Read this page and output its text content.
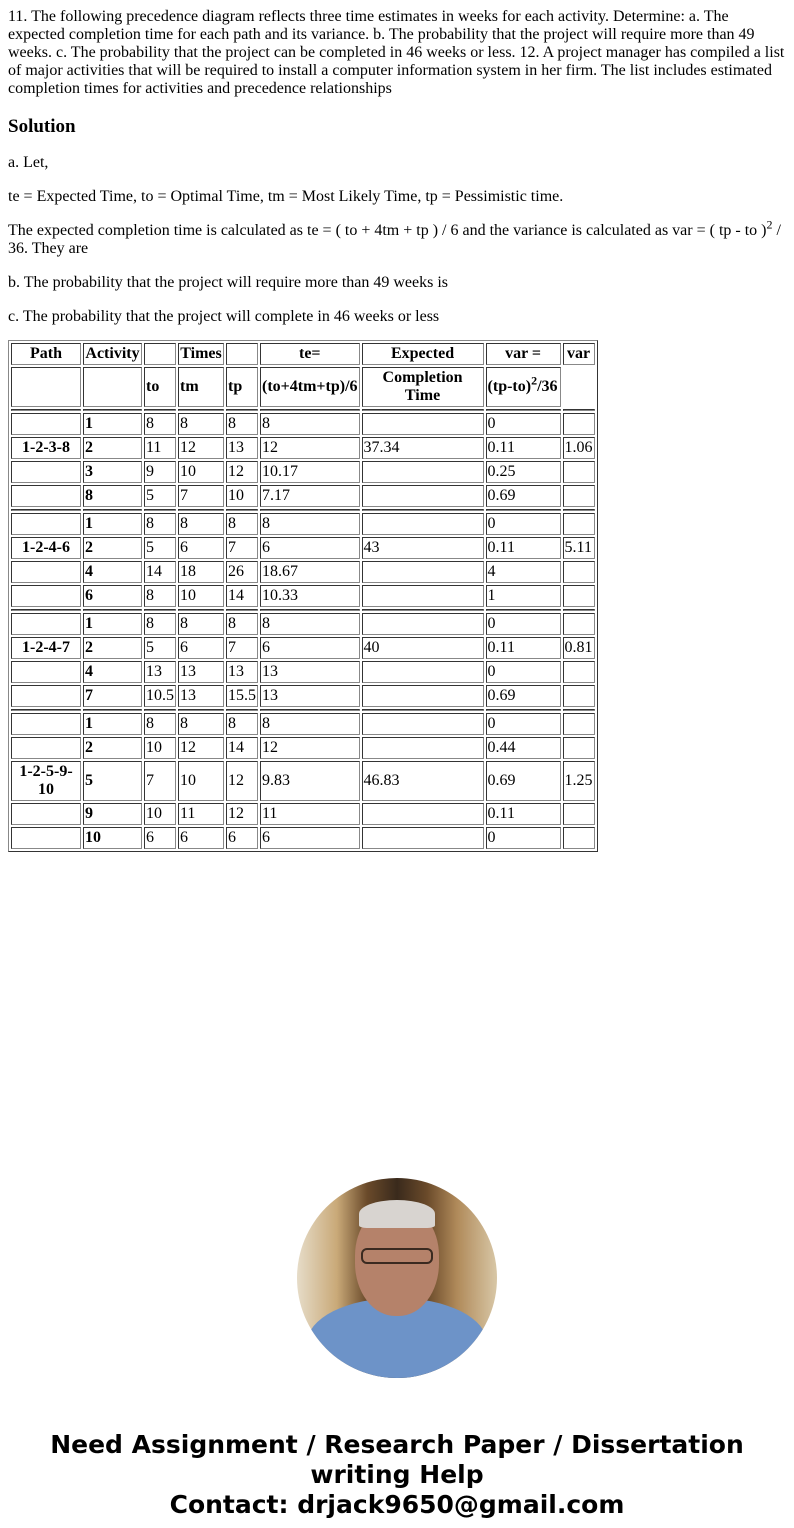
11. The following precedence diagram reflects three time estimates in weeks for each activity. Determine: a. The expected completion time for each path and its variance. b. The probability that the project will require more than 49 weeks. c. The probability that the project can be completed in 46 weeks or less. 12. A project manager has compiled a list of major activities that will be required to install a computer information system in her firm. The list includes estimated completion times for activities and precedence relationships

Solution

a. Let,

te = Expected Time, to = Optimal Time, tm = Most Likely Time, tp = Pessimistic time.

The expected completion time is calculated as te = ( to + 4tm + tp ) / 6 and the variance is calculated as var = ( tp - to )$^2$ / 36. They are

b. The probability that the project will require more than 49 weeks is

c. The probability that the project will complete in 46 weeks or less

Path	Activity		Times		te=	Expected	var =	var
		to	tm	tp	(to+4tm+tp)/6	Completion Time	$(tp-to)^2/36$	

	1	8	8	8	8		0	
1-2-3-8	2	11	12	13	12	37.34	0.11	1.06
	3	9	10	12	10.17		0.25	
	8	5	7	10	7.17		0.69	

	1	8	8	8	8		0	
1-2-4-6	2	5	6	7	6	43	0.11	5.11
	4	14	18	26	18.67		4	
	6	8	10	14	10.33		1	

	1	8	8	8	8		0	
1-2-4-7	2	5	6	7	6	40	0.11	0.81
	4	13	13	13	13		0	
	7	10.5	13	15.5	13		0.69	

	1	8	8	8	8		0	
	2	10	12	14	12		0.44	
1-2-5-9-10	5	7	10	12	9.83	46.83	0.69	1.25
	9	10	11	12	11		0.11	
	10	6	6	6	6		0	
Need Assignment / Research Paper / Dissertation
writing Help
Contact: drjack9650@gmail.com
